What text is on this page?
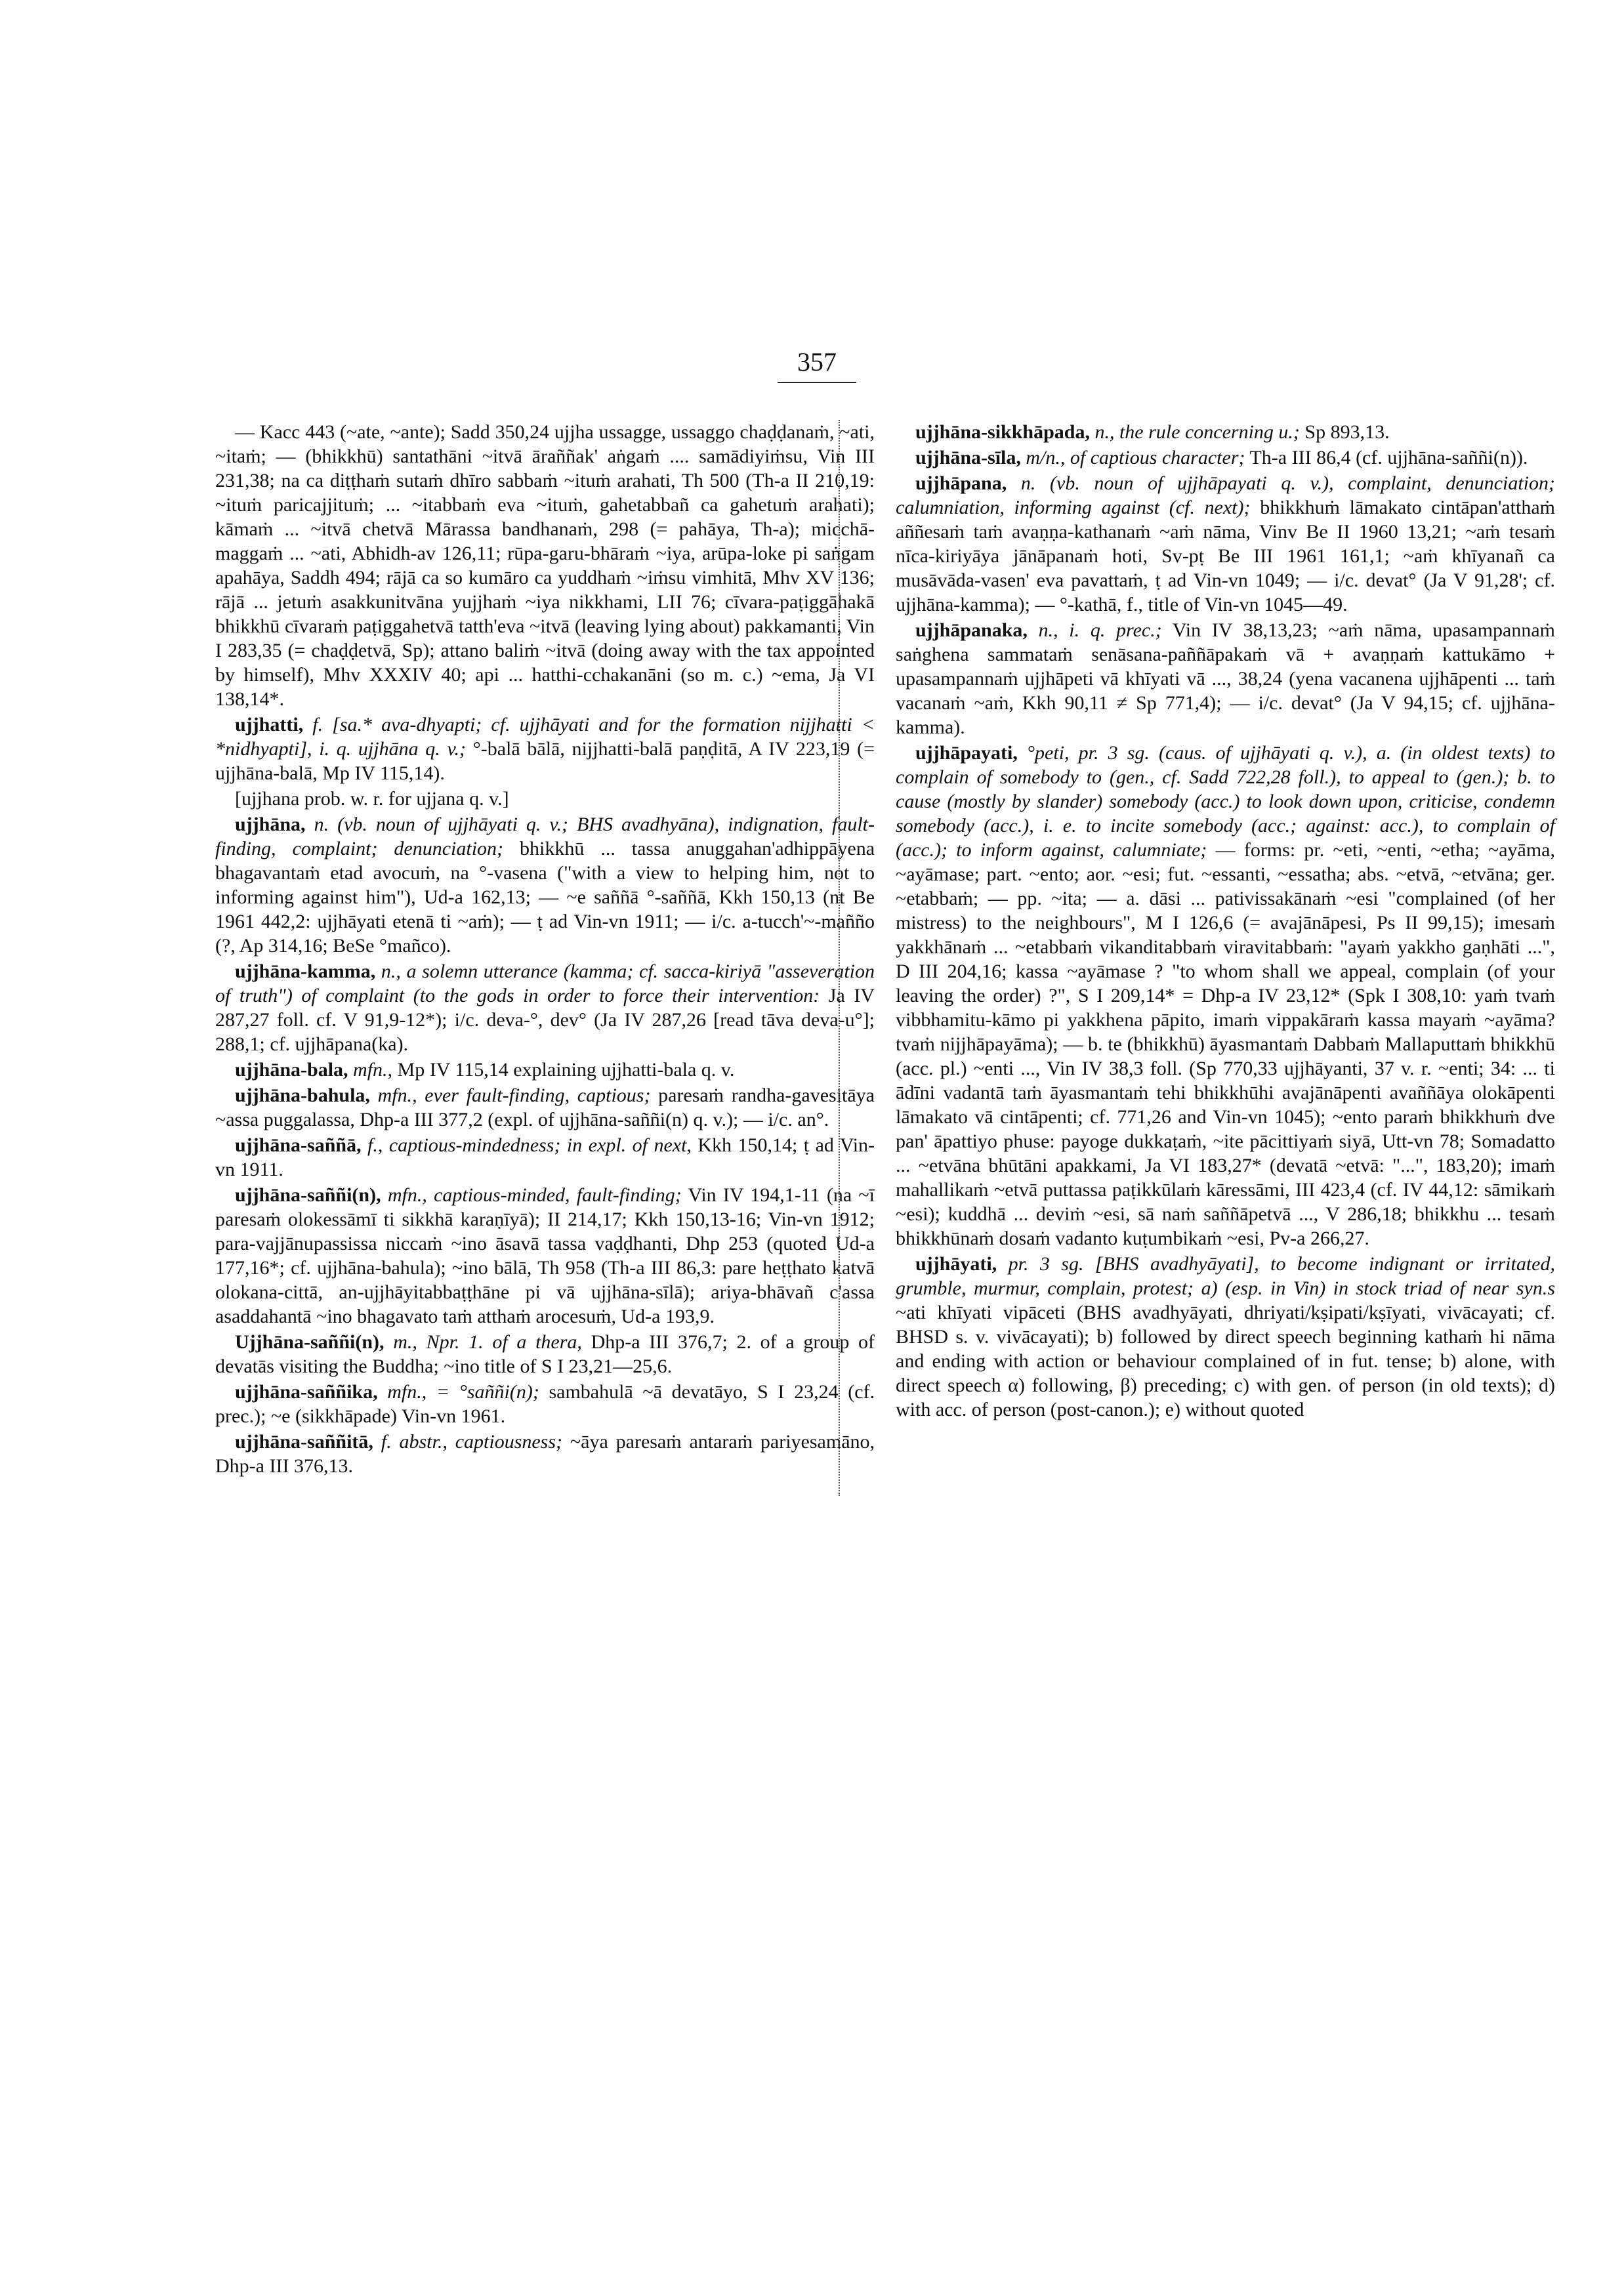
357

— Kacc 443 (~ate, ~ante); Sadd 350,24 ujjha ussagge, ussaggo chaḍḍanaṁ, ~ati, ~itaṁ; — (bhikkhū) santathāni ~itvā āraññak' aṅgaṁ .... samādiyiṁsu, Vin III 231,38; na ca diṭṭhaṁ sutaṁ dhīro sabbaṁ ~ituṁ arahati, Th 500 (Th-a II 210,19: ~ituṁ paricajjituṁ; ... ~itabbaṁ eva ~ituṁ, gahetabbañ ca gahetuṁ arahati); kāmaṁ ... ~itvā chetvā Mārassa bandhanaṁ, 298 (= pahāya, Th-a); micchā-maggaṁ ... ~ati, Abhidh-av 126,11; rūpa-garu-bhāraṁ ~iya, arūpa-loke pi saṅgam apahāya, Saddh 494; rājā ca so kumāro ca yuddhaṁ ~iṁsu vimhitā, Mhv XV 136; rājā ... jetuṁ asakkunitvāna yujjhaṁ ~iya nikkhami, LII 76; cīvara-paṭiggāhakā bhikkhū cīvaraṁ paṭiggahetvā tatth'eva ~itvā (leaving lying about) pakkamanti, Vin I 283,35 (= chaḍḍetvā, Sp); attano baliṁ ~itvā (doing away with the tax appointed by himself), Mhv XXXIV 40; api ... hatthi-cchakanāni (so m. c.) ~ema, Ja VI 138,14*.

ujjhatti, f. [sa.* ava-dhyapti; cf. ujjhāyati and for the formation nijjhatti < *nidhyapti], i. q. ujjhāna q. v.; °-balā bālā, nijjhatti-balā paṇḍitā, A IV 223,19 (= ujjhāna-balā, Mp IV 115,14).

[ujjhana prob. w. r. for ujjana q. v.]

ujjhāna, n. (vb. noun of ujjhāyati q. v.; BHS avadhyāna), indignation, fault-finding, complaint; denunciation; bhikkhū ... tassa anuggahan'adhippāyena bhagavantaṁ etad avocuṁ, na °-vasena ("with a view to helping him, not to informing against him"), Ud-a 162,13; — ~e saññā °-saññā, Kkh 150,13 (nt Be 1961 442,2: ujjhāyati etenā ti ~aṁ); — ṭ ad Vin-vn 1911; — i/c. a-tucch'~-mañño (?, Ap 314,16; BeSe °mañco).

ujjhāna-kamma, n., a solemn utterance (kamma; cf. sacca-kiriyā "asseveration of truth") of complaint (to the gods in order to force their intervention: Ja IV 287,27 foll. cf. V 91,9-12*); i/c. deva-°, dev° (Ja IV 287,26 [read tāva deva-u°]; 288,1; cf. ujjhāpana(ka).

ujjhāna-bala, mfn., Mp IV 115,14 explaining ujjhatti-bala q. v.

ujjhāna-bahula, mfn., ever fault-finding, captious; paresaṁ randha-gavesitāya ~assa puggalassa, Dhp-a III 377,2 (expl. of ujjhāna-saññi(n) q. v.); — i/c. an°.

ujjhāna-saññā, f., captious-mindedness; in expl. of next, Kkh 150,14; ṭ ad Vin-vn 1911.

ujjhāna-saññi(n), mfn., captious-minded, fault-finding; Vin IV 194,1-11 (na ~ī paresaṁ olokessāmī ti sikkhā karaṇīyā); II 214,17; Kkh 150,13-16; Vin-vn 1912; para-vajjānupassissa niccaṁ ~ino āsavā tassa vaḍḍhanti, Dhp 253 (quoted Ud-a 177,16*; cf. ujjhāna-bahula); ~ino bālā, Th 958 (Th-a III 86,3: pare heṭṭhato katvā olokana-cittā, an-ujjhāyitabbaṭṭhāne pi vā ujjhāna-sīlā); ariya-bhāvañ c'assa asaddahantā ~ino bhagavato taṁ atthaṁ arocesuṁ, Ud-a 193,9.

Ujjhāna-saññi(n), m., Npr. 1. of a thera, Dhp-a III 376,7; 2. of a group of devatās visiting the Buddha; ~ino title of S I 23,21—25,6.

ujjhāna-saññika, mfn., = °saññi(n); sambahulā ~ā devatāyo, S I 23,24 (cf. prec.); ~e (sikkhāpade) Vin-vn 1961.

ujjhāna-saññitā, f. abstr., captiousness; ~āya paresaṁ antaraṁ pariyesamāno, Dhp-a III 376,13.

ujjhāna-sikkhāpada, n., the rule concerning u.; Sp 893,13.

ujjhāna-sīla, m/n., of captious character; Th-a III 86,4 (cf. ujjhāna-saññi(n)).

ujjhāpana, n. (vb. noun of ujjhāpayati q. v.), complaint, denunciation; calumniation, informing against (cf. next); bhikkhuṁ lāmakato cintāpan'atthaṁ aññesaṁ taṁ avaṇṇa-kathanaṁ ~aṁ nāma, Vinv Be II 1960 13,21; ~aṁ tesaṁ nīca-kiriyāya jānāpanaṁ hoti, Sv-pṭ Be III 1961 161,1; ~aṁ khīyanañ ca musāvāda-vasen' eva pavattaṁ, ṭ ad Vin-vn 1049; — i/c. devat° (Ja V 91,28'; cf. ujjhāna-kamma); — °-kathā, f., title of Vin-vn 1045—49.

ujjhāpanaka, n., i. q. prec.; Vin IV 38,13,23; ~aṁ nāma, upasampannaṁ saṅghena sammataṁ senāsana-paññāpakaṁ vā + avaṇṇaṁ kattukāmo + upasampannaṁ ujjhāpeti vā khīyati vā ..., 38,24 (yena vacanena ujjhāpenti ... taṁ vacanaṁ ~aṁ, Kkh 90,11 ≠ Sp 771,4); — i/c. devat° (Ja V 94,15; cf. ujjhāna-kamma).

ujjhāpayati, °peti, pr. 3 sg. (caus. of ujjhāyati q. v.), a. (in oldest texts) to complain of somebody to (gen., cf. Sadd 722,28 foll.), to appeal to (gen.); b. to cause (mostly by slander) somebody (acc.) to look down upon, criticise, condemn somebody (acc.), i. e. to incite somebody (acc.; against: acc.), to complain of (acc.); to inform against, calumniate; — forms: pr. ~eti, ~enti, ~etha; ~ayāma, ~ayāmase; part. ~ento; aor. ~esi; fut. ~essanti, ~essatha; abs. ~etvā, ~etvāna; ger. ~etabbaṁ; — pp. ~ita; — a. dāsi ... pativissakānaṁ ~esi "complained (of her mistress) to the neighbours", M I 126,6 (= avajānāpesi, Ps II 99,15); imesaṁ yakkhānaṁ ... ~etabbaṁ vikanditabbaṁ viravitabbaṁ: "ayaṁ yakkho gaṇhāti ...", D III 204,16; kassa ~ayāmase ? "to whom shall we appeal, complain (of your leaving the order) ?", S I 209,14* = Dhp-a IV 23,12* (Spk I 308,10: yaṁ tvaṁ vibbhamitu-kāmo pi yakkhena pāpito, imaṁ vippakāraṁ kassa mayaṁ ~ayāma? tvaṁ nijjhāpayāma); — b. te (bhikkhū) āyasmantaṁ Dabbaṁ Mallaputtaṁ bhikkhū (acc. pl.) ~enti ..., Vin IV 38,3 foll. (Sp 770,33 ujjhāyanti, 37 v. r. ~enti; 34: ... ti ādīni vadantā taṁ āyasmantaṁ tehi bhikkhūhi avajānāpenti avaññāya olokāpenti lāmakato vā cintāpenti; cf. 771,26 and Vin-vn 1045); ~ento paraṁ bhikkhuṁ dve pan' āpattiyo phuse: payoge dukkaṭaṁ, ~ite pācittiyaṁ siyā, Utt-vn 78; Somadatto ... ~etvāna bhūtāni apakkami, Ja VI 183,27* (devatā ~etvā: "...", 183,20); imaṁ mahallikaṁ ~etvā puttassa paṭikkūlaṁ kāressāmi, III 423,4 (cf. IV 44,12: sāmikaṁ ~esi); kuddhā ... deviṁ ~esi, sā naṁ saññāpetvā ..., V 286,18; bhikkhu ... tesaṁ bhikkhūnaṁ dosaṁ vadanto kuṭumbikaṁ ~esi, Pv-a 266,27.

ujjhāyati, pr. 3 sg. [BHS avadhyāyati], to become indignant or irritated, grumble, murmur, complain, protest; a) (esp. in Vin) in stock triad of near syn.s ~ati khīyati vipāceti (BHS avadhyāyati, dhriyati/kṣipati/kṣīyati, vivācayati; cf. BHSD s. v. vivācayati); b) followed by direct speech beginning kathaṁ hi nāma and ending with action or behaviour complained of in fut. tense; b) alone, with direct speech α) following, β) preceding; c) with gen. of person (in old texts); d) with acc. of person (post-canon.); e) without quoted
